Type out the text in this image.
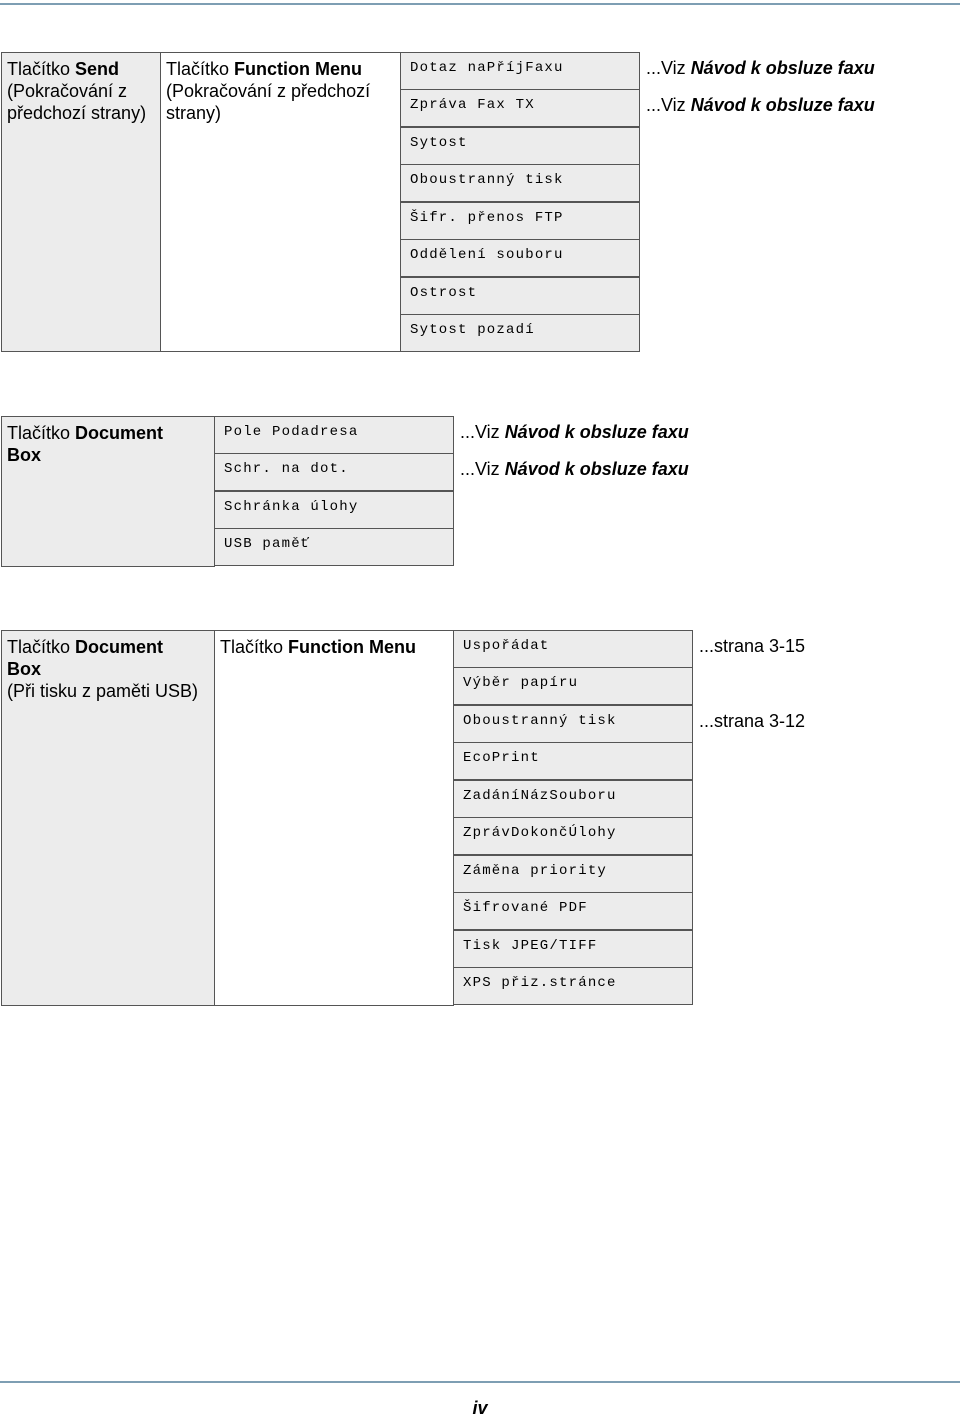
Tlačítko Send
(Pokračování z
předchozí strany)
Tlačítko Function Menu
(Pokračování z předchozí
strany)
Dotaz naPříjFaxu
Zpráva Fax TX
Sytost
Oboustranný tisk
Šifr. přenos FTP
Oddělení souboru
Ostrost
Sytost pozadí
...Viz Návod k obsluze faxu
...Viz Návod k obsluze faxu
Tlačítko Document
Box
Pole Podadresa
Schr. na dot.
Schránka úlohy
USB paměť
...Viz Návod k obsluze faxu
...Viz Návod k obsluze faxu
Tlačítko Document
Box
(Při tisku z paměti USB)
Tlačítko Function Menu	Uspořádat
Výběr papíru
Oboustranný tisk
EcoPrint
ZadáníNázSouboru
ZprávDokončÚlohy
Záměna priority
Šifrované PDF
Tisk JPEG/TIFF
XPS přiz.stránce
...strana 3-15
...strana 3-12
iv
